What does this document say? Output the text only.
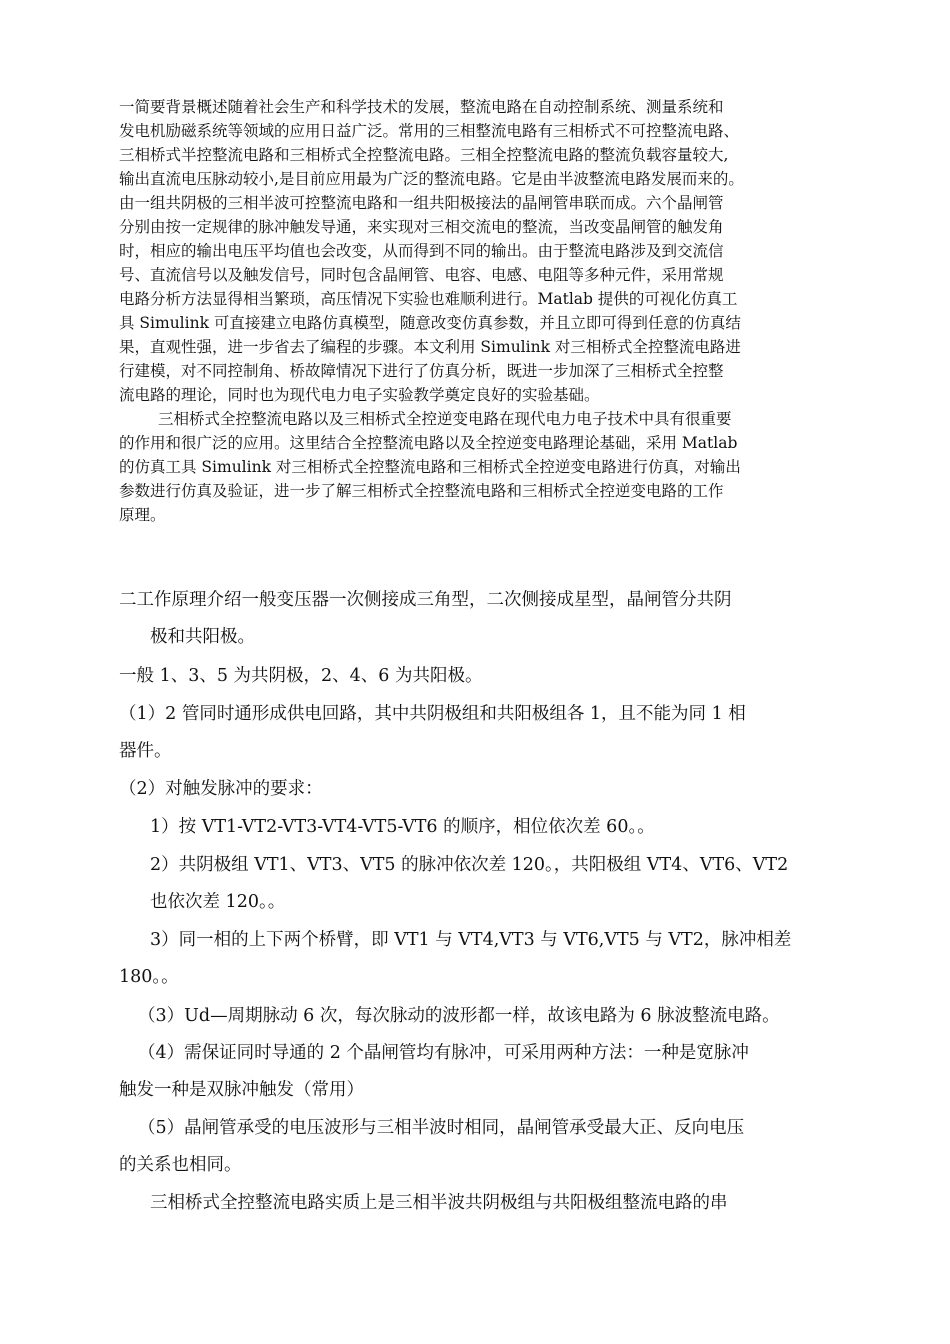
一简要背景概述随着社会生产和科学技术的发展，整流电路在自动控制系统、测量系统和
发电机励磁系统等领域的应用日益广泛。常用的三相整流电路有三相桥式不可控整流电路、
三相桥式半控整流电路和三相桥式全控整流电路。三相全控整流电路的整流负载容量较大,
输出直流电压脉动较小,是目前应用最为广泛的整流电路。它是由半波整流电路发展而来的。
由一组共阴极的三相半波可控整流电路和一组共阳极接法的晶闸管串联而成。六个晶闸管
分别由按一定规律的脉冲触发导通，来实现对三相交流电的整流，当改变晶闸管的触发角
时，相应的输出电压平均值也会改变，从而得到不同的输出。由于整流电路涉及到交流信
号、直流信号以及触发信号，同时包含晶闸管、电容、电感、电阻等多种元件，采用常规
电路分析方法显得相当繁琐，高压情况下实验也难顺利进行。Matlab 提供的可视化仿真工
具 Simulink 可直接建立电路仿真模型，随意改变仿真参数，并且立即可得到任意的仿真结
果，直观性强，进一步省去了编程的步骤。本文利用 Simulink 对三相桥式全控整流电路进
行建模，对不同控制角、桥故障情况下进行了仿真分析，既进一步加深了三相桥式全控整
流电路的理论，同时也为现代电力电子实验教学奠定良好的实验基础。
三相桥式全控整流电路以及三相桥式全控逆变电路在现代电力电子技术中具有很重要
的作用和很广泛的应用。这里结合全控整流电路以及全控逆变电路理论基础，采用 Matlab
的仿真工具 Simulink 对三相桥式全控整流电路和三相桥式全控逆变电路进行仿真，对输出
参数进行仿真及验证，进一步了解三相桥式全控整流电路和三相桥式全控逆变电路的工作
原理。
二工作原理介绍一般变压器一次侧接成三角型，二次侧接成星型，晶闸管分共阴
极和共阳极。
一般 1、3、5 为共阴极，2、4、6 为共阳极。
（1）2 管同时通形成供电回路，其中共阴极组和共阳极组各 1，且不能为同 1 相
器件。
（2）对触发脉冲的要求：
1）按 VT1-VT2-VT3-VT4-VT5-VT6 的顺序，相位依次差 60。。
2）共阴极组 VT1、VT3、VT5 的脉冲依次差 120。，共阳极组 VT4、VT6、VT2
也依次差 120。。
3）同一相的上下两个桥臂，即 VT1 与 VT4,VT3 与 VT6,VT5 与 VT2，脉冲相差
180。。
（3）Ud—周期脉动 6 次，每次脉动的波形都一样，故该电路为 6 脉波整流电路。
（4）需保证同时导通的 2 个晶闸管均有脉冲，可采用两种方法：一种是宽脉冲
触发一种是双脉冲触发（常用）
（5）晶闸管承受的电压波形与三相半波时相同，晶闸管承受最大正、反向电压
的关系也相同。
三相桥式全控整流电路实质上是三相半波共阴极组与共阳极组整流电路的串
